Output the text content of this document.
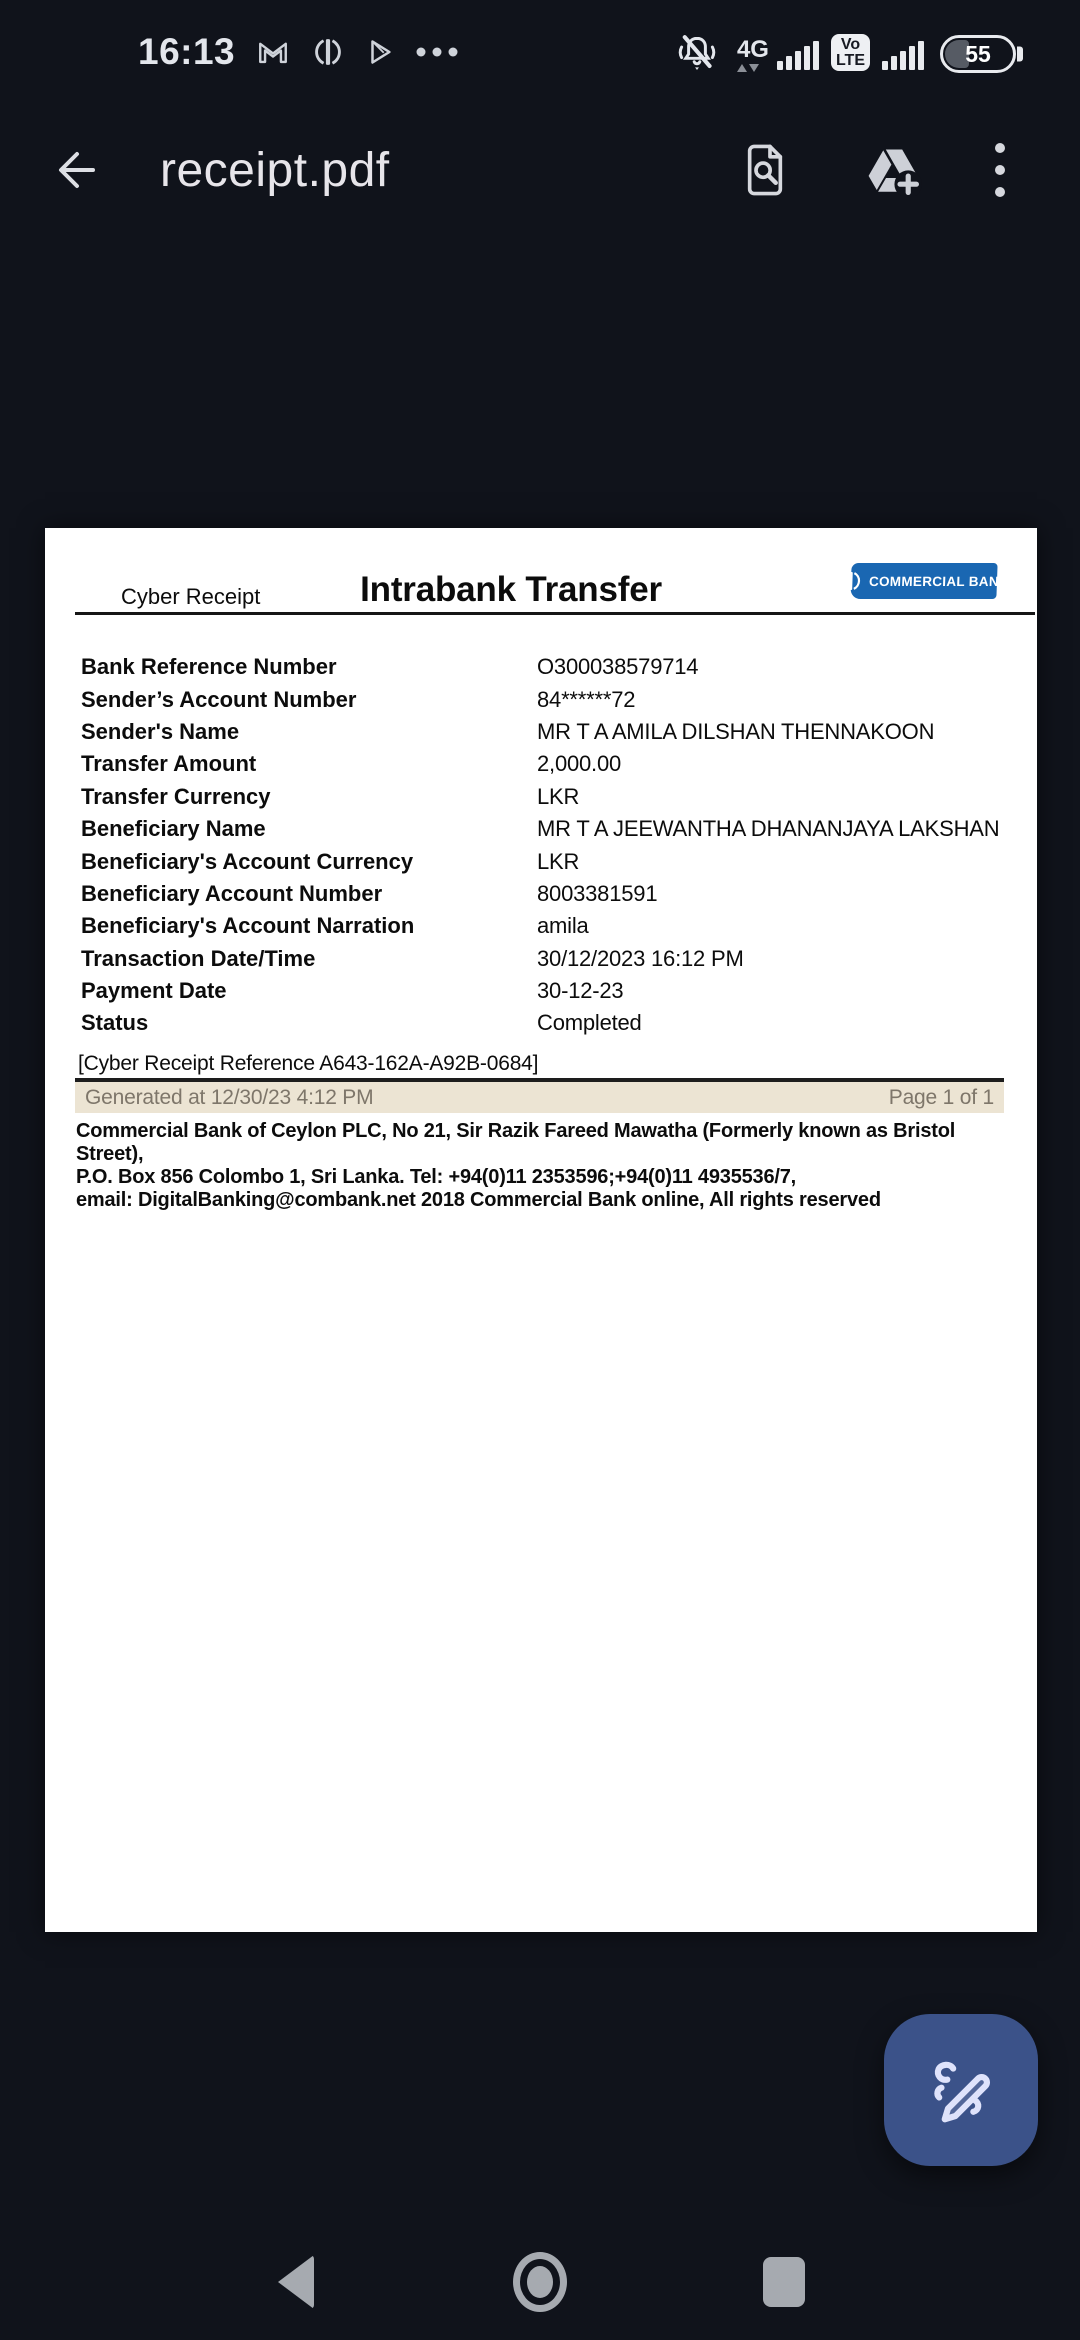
16:13	4G	Vo
LTE	55
receipt.pdf
Cyber Receipt	Intrabank Transfer	COMMERCIAL BANK
Bank Reference Number	O300038579714
Sender’s Account Number	84******72
Sender's Name	MR T A AMILA DILSHAN THENNAKOON
Transfer Amount	2,000.00
Transfer Currency	LKR
Beneficiary Name	MR T A JEEWANTHA DHANANJAYA LAKSHAN
Beneficiary's Account Currency	LKR
Beneficiary Account Number	8003381591
Beneficiary's Account Narration	amila
Transaction Date/Time	30/12/2023 16:12 PM
Payment Date	30-12-23
Status	Completed
[Cyber Receipt Reference A643-162A-A92B-0684]
Generated at 12/30/23 4:12 PM	Page 1 of 1
Commercial Bank of Ceylon PLC, No 21, Sir Razik Fareed Mawatha (Formerly known as Bristol Street),
P.O. Box 856 Colombo 1, Sri Lanka. Tel: +94(0)11 2353596;+94(0)11 4935536/7,
email: DigitalBanking@combank.net 2018 Commercial Bank online, All rights reserved
